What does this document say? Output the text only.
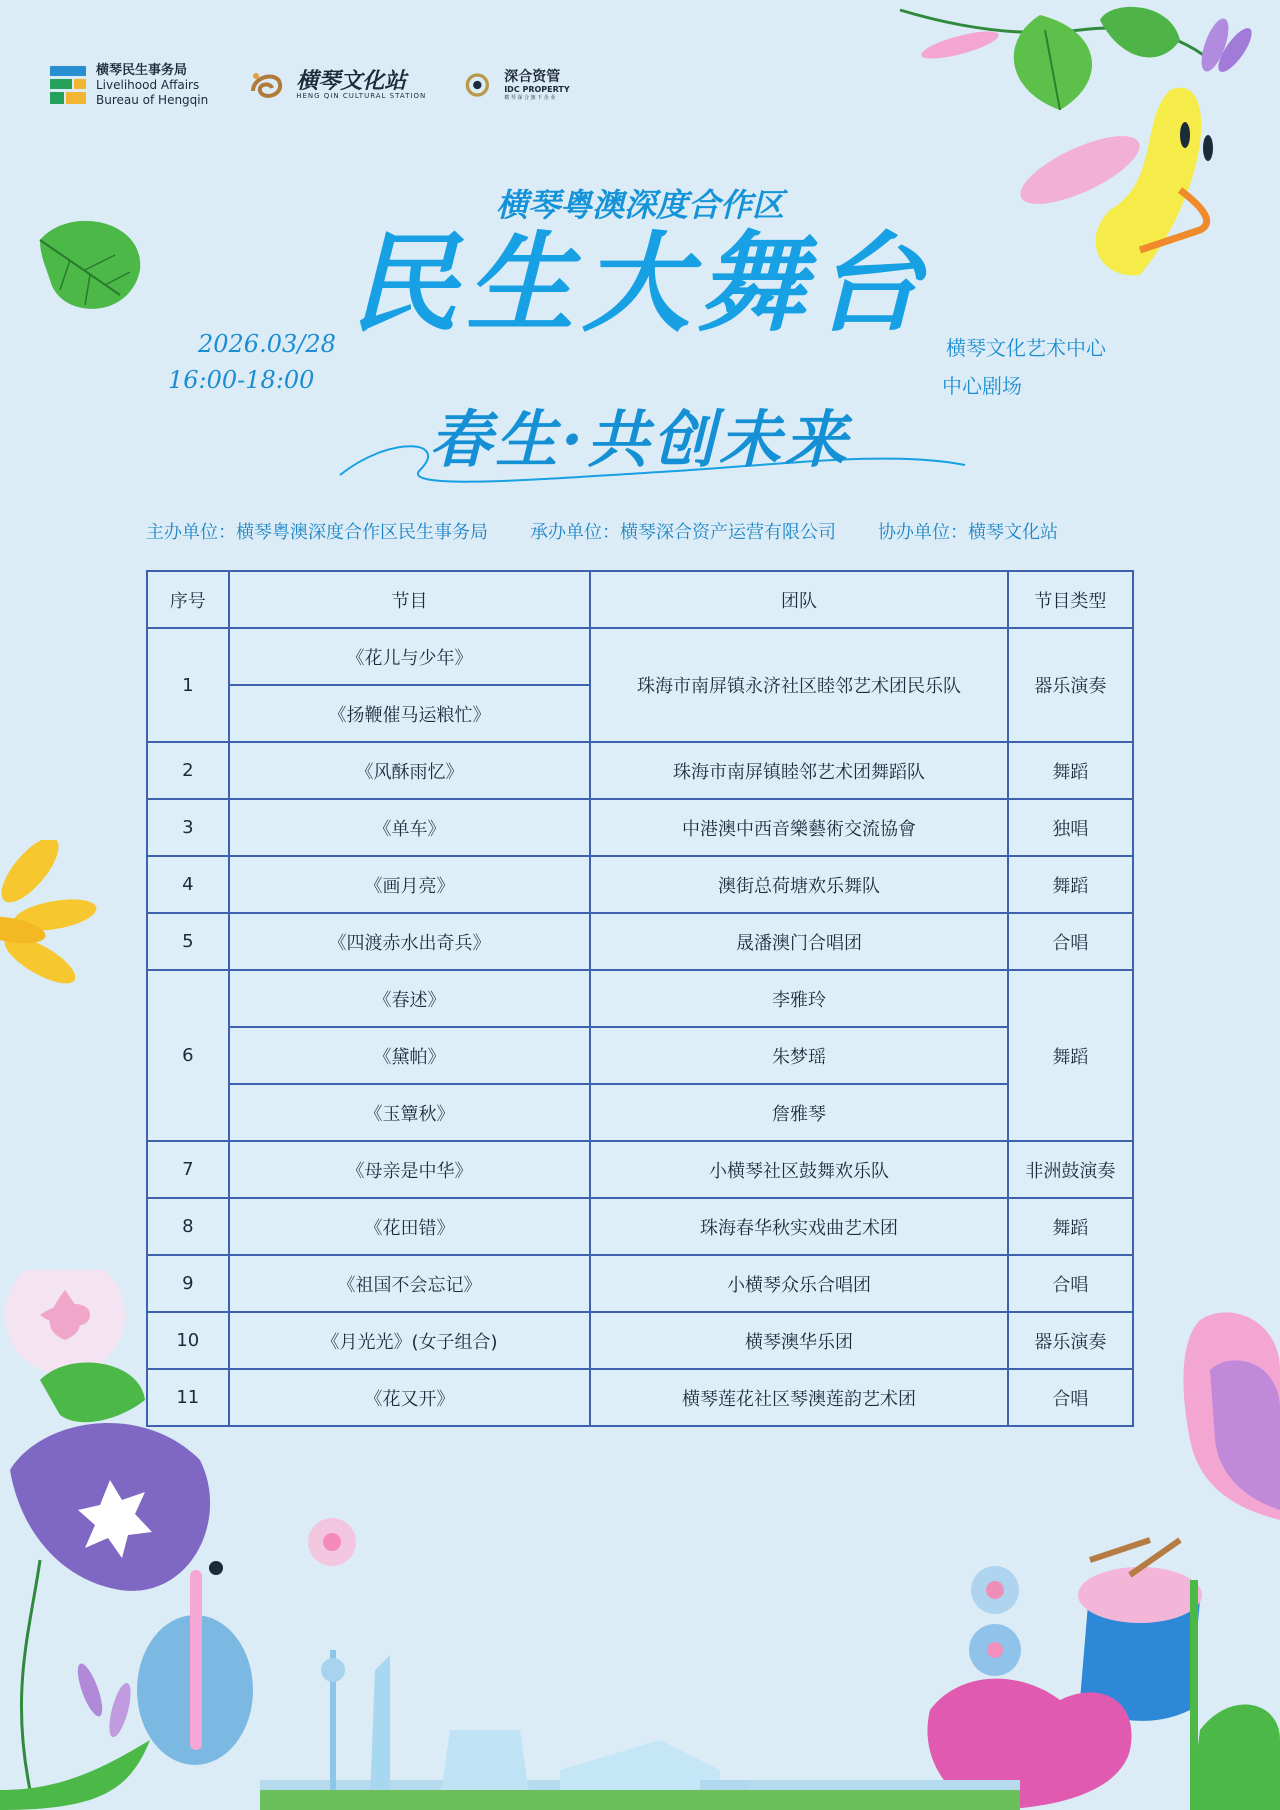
横琴民生事务局
Livelihood Affairs
Bureau of Hengqin
横琴文化站
HENG QIN CULTURAL STATION
深合资管
IDC PROPERTY
横 琴 深 合 旗 下 企 业
横琴粤澳深度合作区
民生大舞台
春生·共创未来
2026.03/28
16:00-18:00
横琴文化艺术中心
中心剧场
主办单位：横琴粤澳深度合作区民生事务局 承办单位：横琴深合资产运营有限公司 协办单位：横琴文化站
序号	节目	团队	节目类型
1	《花儿与少年》	珠海市南屏镇永济社区睦邻艺术团民乐队	器乐演奏
	《扬鞭催马运粮忙》		
2	《风酥雨忆》	珠海市南屏镇睦邻艺术团舞蹈队	舞蹈
3	《单车》	中港澳中西音樂藝術交流協會	独唱
4	《画月亮》	澳街总荷塘欢乐舞队	舞蹈
5	《四渡赤水出奇兵》	晟潘澳门合唱团	合唱
6	《春述》	李雅玲	舞蹈
	《黛帕》	朱梦瑶	
	《玉簟秋》	詹雅琴	
7	《母亲是中华》	小横琴社区鼓舞欢乐队	非洲鼓演奏
8	《花田错》	珠海春华秋实戏曲艺术团	舞蹈
9	《祖国不会忘记》	小横琴众乐合唱团	合唱
10	《月光光》(女子组合)	横琴澳华乐团	器乐演奏
11	《花又开》	横琴莲花社区琴澳莲韵艺术团	合唱
